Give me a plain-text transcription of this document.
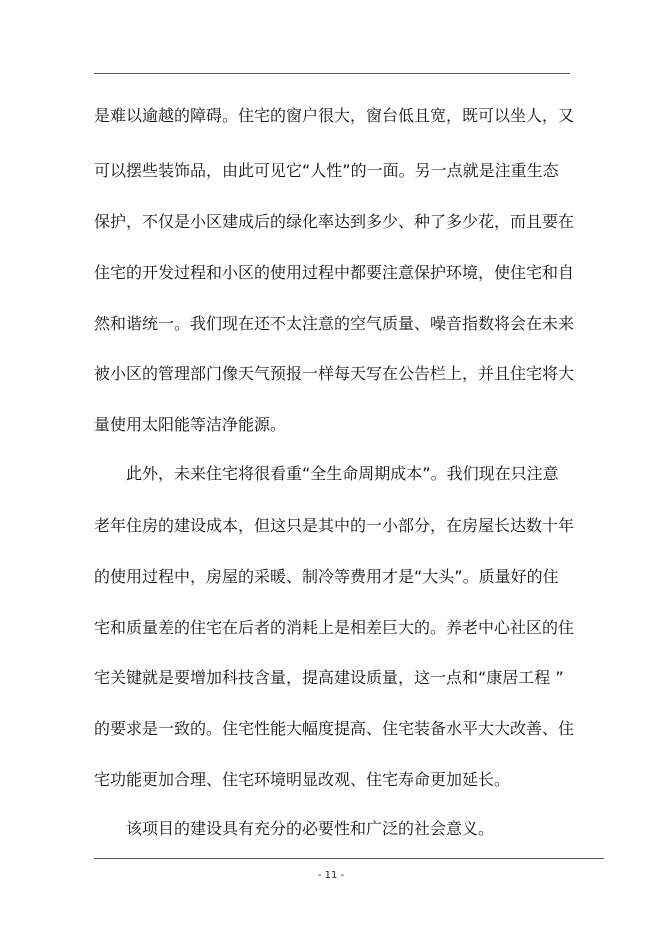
是难以逾越的障碍。住宅的窗户很大，窗台低且宽，既可以坐人，又
可以摆些装饰品，由此可见它“人性”的一面。另一点就是注重生态
保护，不仅是小区建成后的绿化率达到多少、种了多少花，而且要在
住宅的开发过程和小区的使用过程中都要注意保护环境，使住宅和自
然和谐统一。我们现在还不太注意的空气质量、噪音指数将会在未来
被小区的管理部门像天气预报一样每天写在公告栏上，并且住宅将大
量使用太阳能等洁净能源。
此外，未来住宅将很看重“全生命周期成本”。我们现在只注意
老年住房的建设成本，但这只是其中的一小部分，在房屋长达数十年
的使用过程中，房屋的采暖、制冷等费用才是“大头”。质量好的住
宅和质量差的住宅在后者的消耗上是相差巨大的。养老中心社区的住
宅关键就是要增加科技含量，提高建设质量，这一点和“康居工程 ”
的要求是一致的。住宅性能大幅度提高、住宅装备水平大大改善、住
宅功能更加合理、住宅环境明显改观、住宅寿命更加延长。
该项目的建设具有充分的必要性和广泛的社会意义。
- 11 -
